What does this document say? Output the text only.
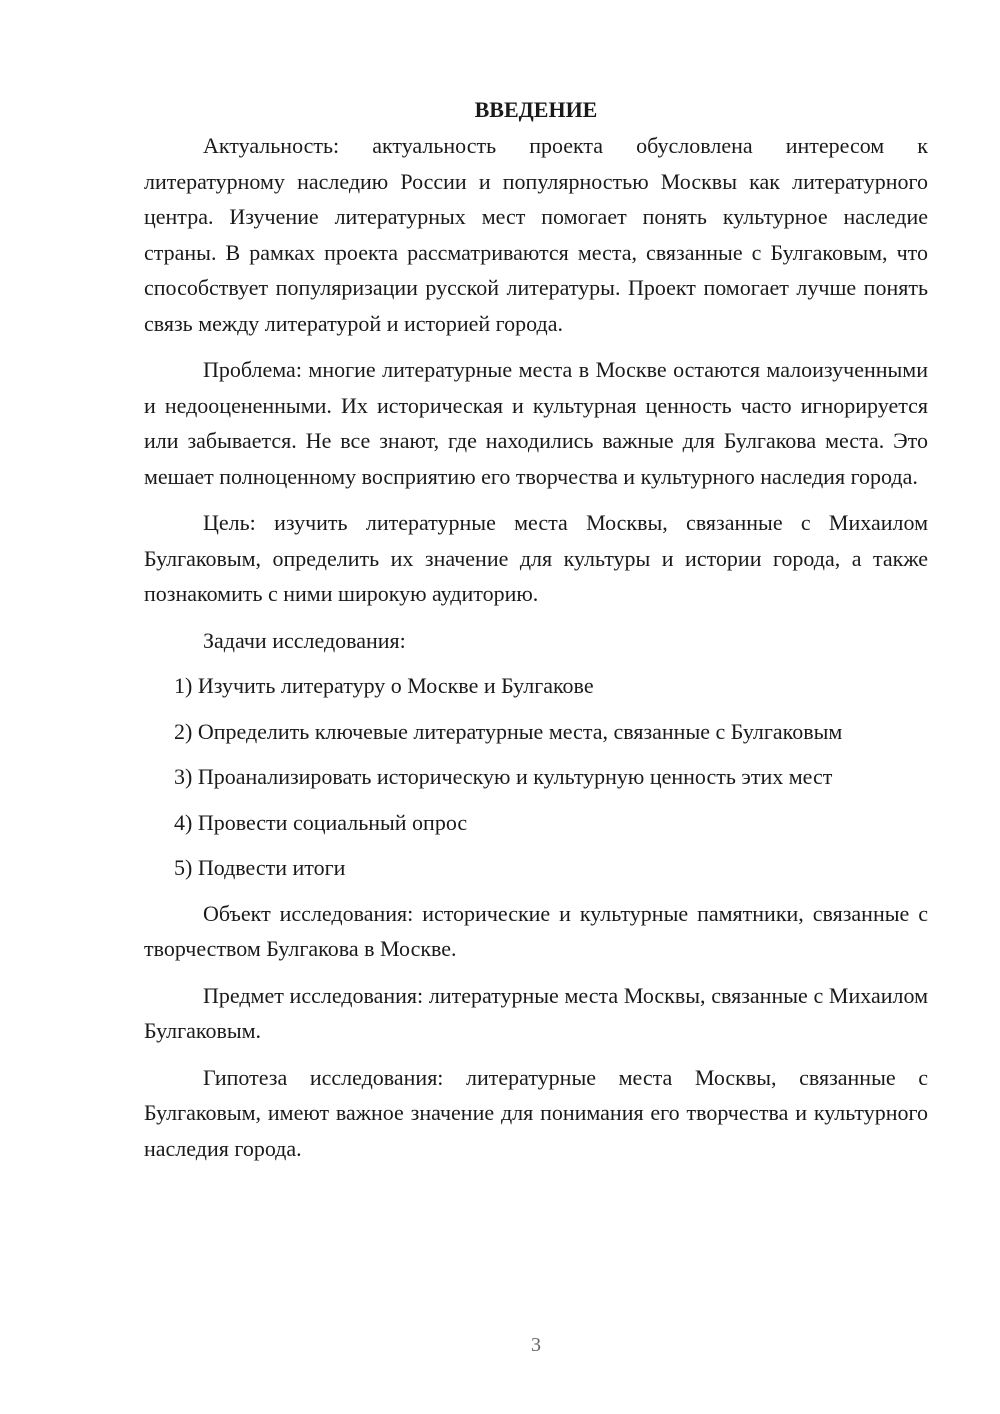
ВВЕДЕНИЕ

Актуальность: актуальность проекта обусловлена интересом к литературному наследию России и популярностью Москвы как литературного центра. Изучение литературных мест помогает понять культурное наследие страны. В рамках проекта рассматриваются места, связанные с Булгаковым, что способствует популяризации русской литературы. Проект помогает лучше понять связь между литературой и историей города.

Проблема: многие литературные места в Москве остаются малоизученными и недооцененными. Их историческая и культурная ценность часто игнорируется или забывается. Не все знают, где находились важные для Булгакова места. Это мешает полноценному восприятию его творчества и культурного наследия города.

Цель: изучить литературные места Москвы, связанные с Михаилом Булгаковым, определить их значение для культуры и истории города, а также познакомить с ними широкую аудиторию.

Задачи исследования:

1) Изучить литературу о Москве и Булгакове

2) Определить ключевые литературные места, связанные с Булгаковым

3) Проанализировать историческую и культурную ценность этих мест

4) Провести социальный опрос

5) Подвести итоги

Объект исследования: исторические и культурные памятники, связанные с творчеством Булгакова в Москве.

Предмет исследования: литературные места Москвы, связанные с Михаилом Булгаковым.

Гипотеза исследования: литературные места Москвы, связанные с Булгаковым, имеют важное значение для понимания его творчества и культурного наследия города.

3
